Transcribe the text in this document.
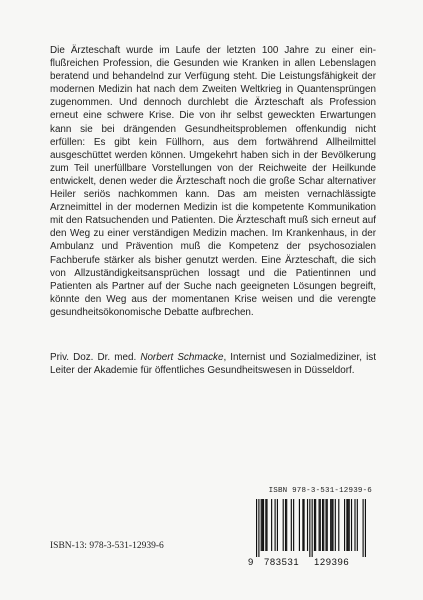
Die Ärzteschaft wurde im Laufe der letzten 100 Jahre zu einer einflußreichen Profession, die Gesunden wie Kranken in allen Lebenslagen beratend und behandelnd zur Verfügung steht. Die Leistungsfähigkeit der modernen Medizin hat nach dem Zweiten Weltkrieg in Quantensprüngen zugenommen. Und dennoch durchlebt die Ärzteschaft als Profession erneut eine schwere Krise. Die von ihr selbst geweckten Erwartungen kann sie bei drängenden Gesundheitsproblemen offenkundig nicht erfüllen: Es gibt kein Füllhorn, aus dem fortwährend Allheilmittel ausgeschüttet werden können. Umgekehrt haben sich in der Bevölkerung zum Teil unerfüllbare Vorstellungen von der Reichweite der Heilkunde entwickelt, denen weder die Ärzteschaft noch die große Schar alternativer Heiler seriös nachkommen kann. Das am meisten vernachlässigte Arzneimittel in der modernen Medizin ist die kompetente Kommunikation mit den Ratsuchenden und Patienten. Die Ärzteschaft muß sich erneut auf den Weg zu einer verständigen Medizin machen. Im Krankenhaus, in der Ambulanz und Prävention muß die Kompetenz der psychosozialen Fachberufe stärker als bisher genutzt werden. Eine Ärzteschaft, die sich von Allzuständigkeitsansprüchen lossagt und die Patientinnen und Patienten als Partner auf der Suche nach geeigneten Lösungen begreift, könnte den Weg aus der momentanen Krise weisen und die verengte gesundheitsökonomische Debatte aufbrechen.

Priv. Doz. Dr. med. Norbert Schmacke, Internist und Sozialmediziner, ist Leiter der Akademie für öffentliches Gesundheitswesen in Düsseldorf.
ISBN-13: 978-3-531-12939-6
ISBN 978-3-531-12939-6
9 783531 129396
